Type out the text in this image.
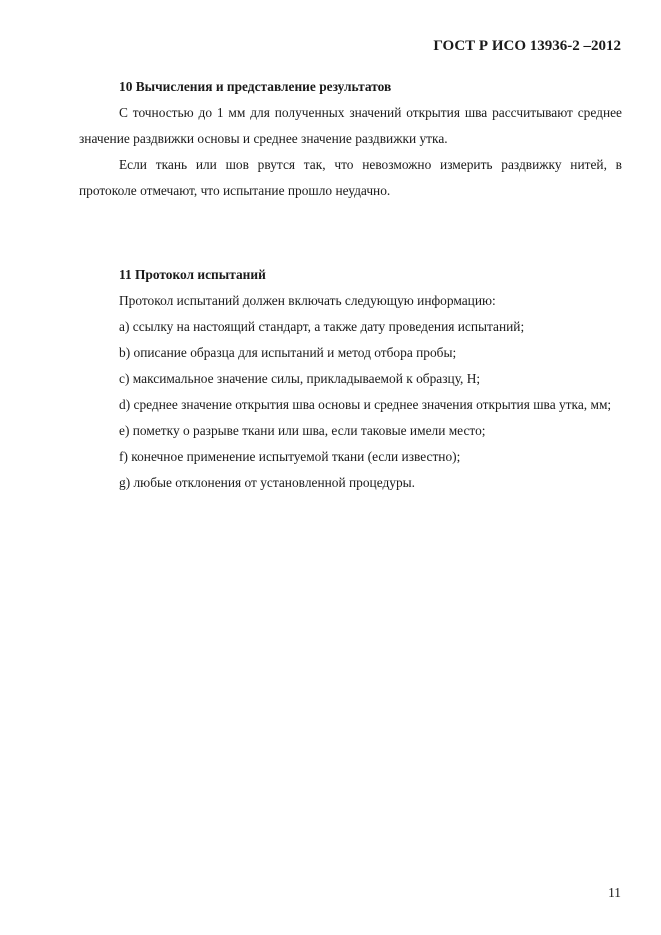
ГОСТ Р ИСО 13936-2 –2012

10 Вычисления и представление результатов

С точностью до 1 мм для полученных значений открытия шва рассчитывают среднее значение раздвижки основы и среднее значение раздвижки утка.

Если ткань или шов рвутся так, что невозможно измерить раздвижку нитей, в протоколе отмечают, что испытание прошло неудачно.

11 Протокол испытаний

Протокол испытаний должен включать следующую информацию:

a) ссылку на настоящий стандарт, а также дату проведения испытаний;

b) описание образца для испытаний и метод отбора пробы;

c) максимальное значение силы, прикладываемой к образцу, Н;

d) среднее значение открытия шва основы и среднее значения открытия шва утка, мм;

e) пометку о разрыве ткани или шва, если таковые имели место;

f) конечное применение испытуемой ткани (если известно);

g) любые отклонения от установленной процедуры.

11
